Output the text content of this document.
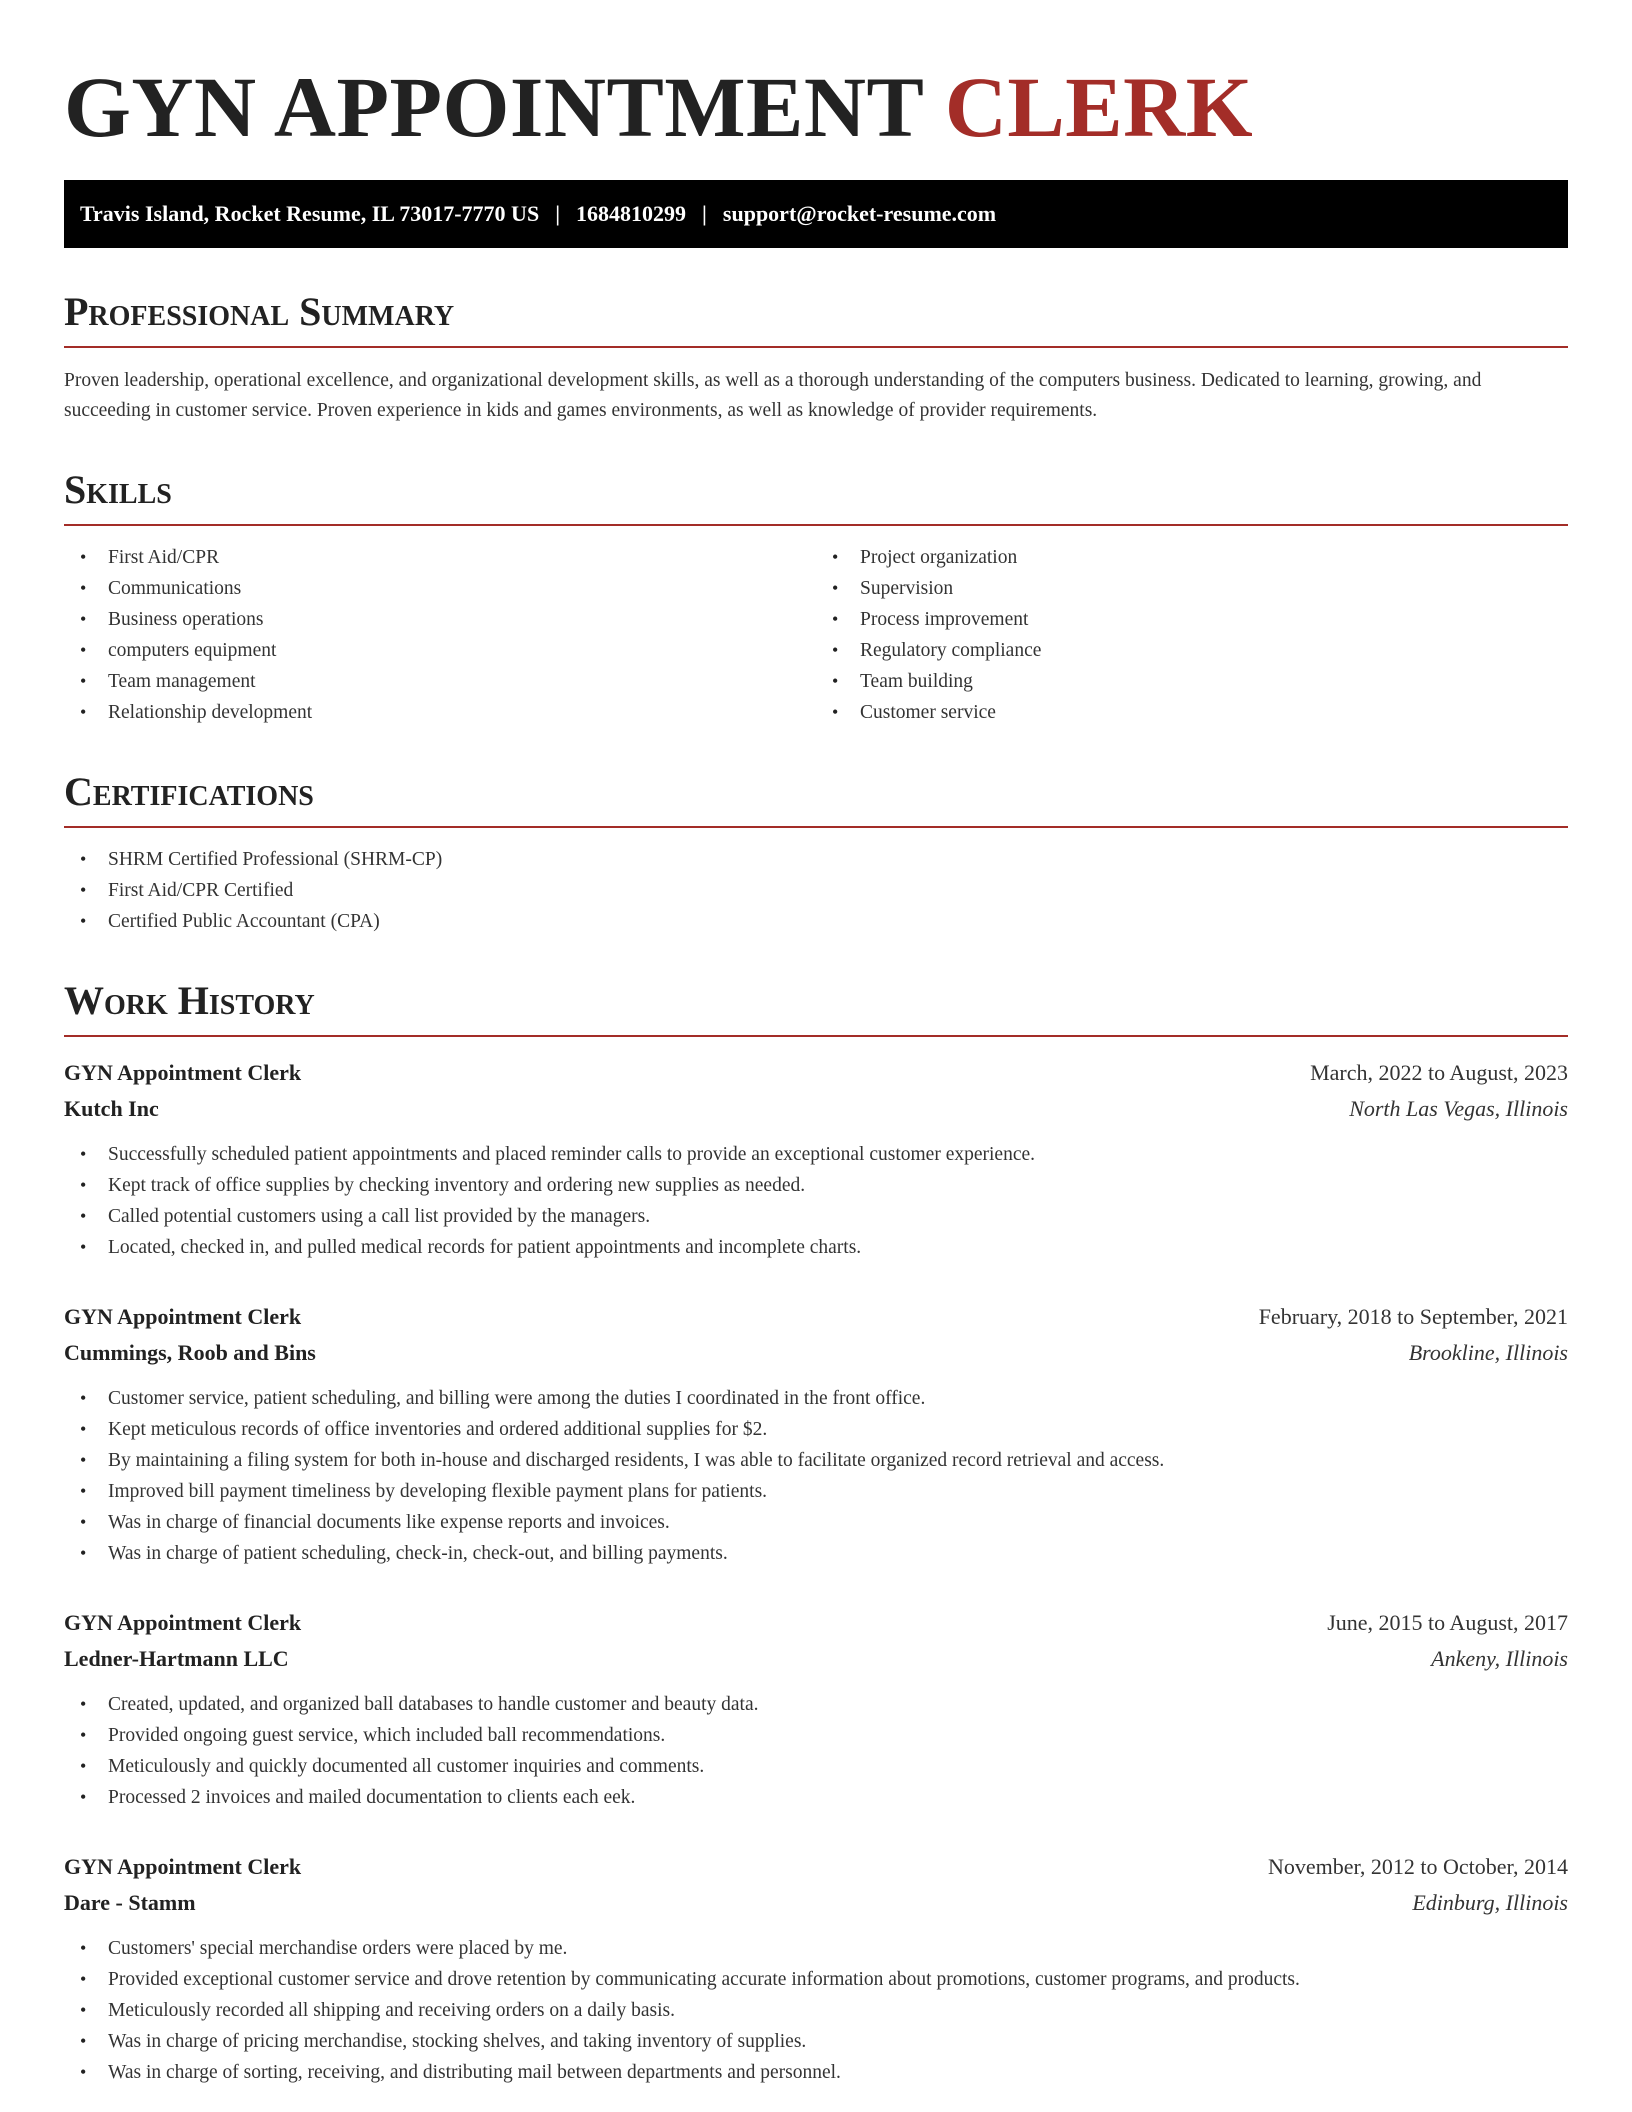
GYN APPOINTMENT CLERK
Travis Island, Rocket Resume, IL 73017-7770 US | 1684810299 | support@rocket-resume.com
Professional Summary

Proven leadership, operational excellence, and organizational development skills, as well as a thorough understanding of the computers business. Dedicated to learning, growing, and succeeding in customer service. Proven experience in kids and games environments, as well as knowledge of provider requirements.

Skills
• First Aid/CPR
• Communications
• Business operations
• computers equipment
• Team management
• Relationship development
• Project organization
• Supervision
• Process improvement
• Regulatory compliance
• Team building
• Customer service
Certifications
• SHRM Certified Professional (SHRM-CP)
• First Aid/CPR Certified
• Certified Public Accountant (CPA)
Work History
GYN Appointment Clerk	March, 2022 to August, 2023
Kutch Inc	North Las Vegas, Illinois
• Successfully scheduled patient appointments and placed reminder calls to provide an exceptional customer experience.
• Kept track of office supplies by checking inventory and ordering new supplies as needed.
• Called potential customers using a call list provided by the managers.
• Located, checked in, and pulled medical records for patient appointments and incomplete charts.
GYN Appointment Clerk	February, 2018 to September, 2021
Cummings, Roob and Bins	Brookline, Illinois
• Customer service, patient scheduling, and billing were among the duties I coordinated in the front office.
• Kept meticulous records of office inventories and ordered additional supplies for $2.
• By maintaining a filing system for both in-house and discharged residents, I was able to facilitate organized record retrieval and access.
• Improved bill payment timeliness by developing flexible payment plans for patients.
• Was in charge of financial documents like expense reports and invoices.
• Was in charge of patient scheduling, check-in, check-out, and billing payments.
GYN Appointment Clerk	June, 2015 to August, 2017
Ledner-Hartmann LLC	Ankeny, Illinois
• Created, updated, and organized ball databases to handle customer and beauty data.
• Provided ongoing guest service, which included ball recommendations.
• Meticulously and quickly documented all customer inquiries and comments.
• Processed 2 invoices and mailed documentation to clients each eek.
GYN Appointment Clerk	November, 2012 to October, 2014
Dare - Stamm	Edinburg, Illinois
• Customers' special merchandise orders were placed by me.
• Provided exceptional customer service and drove retention by communicating accurate information about promotions, customer programs, and products.
• Meticulously recorded all shipping and receiving orders on a daily basis.
• Was in charge of pricing merchandise, stocking shelves, and taking inventory of supplies.
• Was in charge of sorting, receiving, and distributing mail between departments and personnel.
